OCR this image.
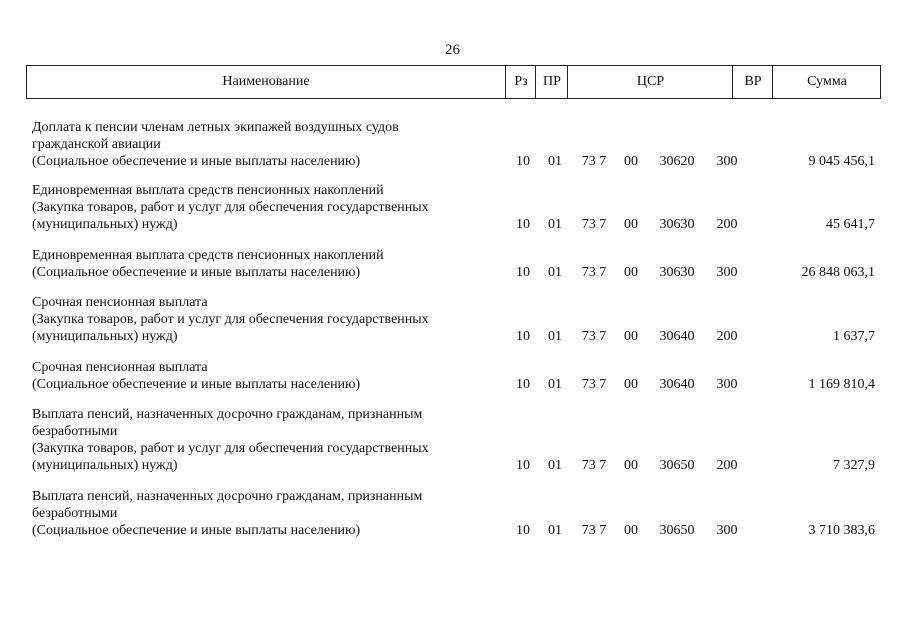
26
Наименование	Рз	ПР	ЦСР	ВР	Сумма
Доплата к пенсии членам летных экипажей воздушных судов
гражданской авиации
(Социальное обеспечение и иные выплаты населению)	10	01	73 7	00	30620	300	9 045 456,1
Единовременная выплата средств пенсионных накоплений
(Закупка товаров, работ и услуг для обеспечения государственных
(муниципальных) нужд)	10	01	73 7	00	30630	200	45 641,7
Единовременная выплата средств пенсионных накоплений
(Социальное обеспечение и иные выплаты населению)	10	01	73 7	00	30630	300	26 848 063,1
Срочная пенсионная выплата
(Закупка товаров, работ и услуг для обеспечения государственных
(муниципальных) нужд)	10	01	73 7	00	30640	200	1 637,7
Срочная пенсионная выплата
(Социальное обеспечение и иные выплаты населению)	10	01	73 7	00	30640	300	1 169 810,4
Выплата пенсий, назначенных досрочно гражданам, признанным
безработными
(Закупка товаров, работ и услуг для обеспечения государственных
(муниципальных) нужд)	10	01	73 7	00	30650	200	7 327,9
Выплата пенсий, назначенных досрочно гражданам, признанным
безработными
(Социальное обеспечение и иные выплаты населению)	10	01	73 7	00	30650	300	3 710 383,6
